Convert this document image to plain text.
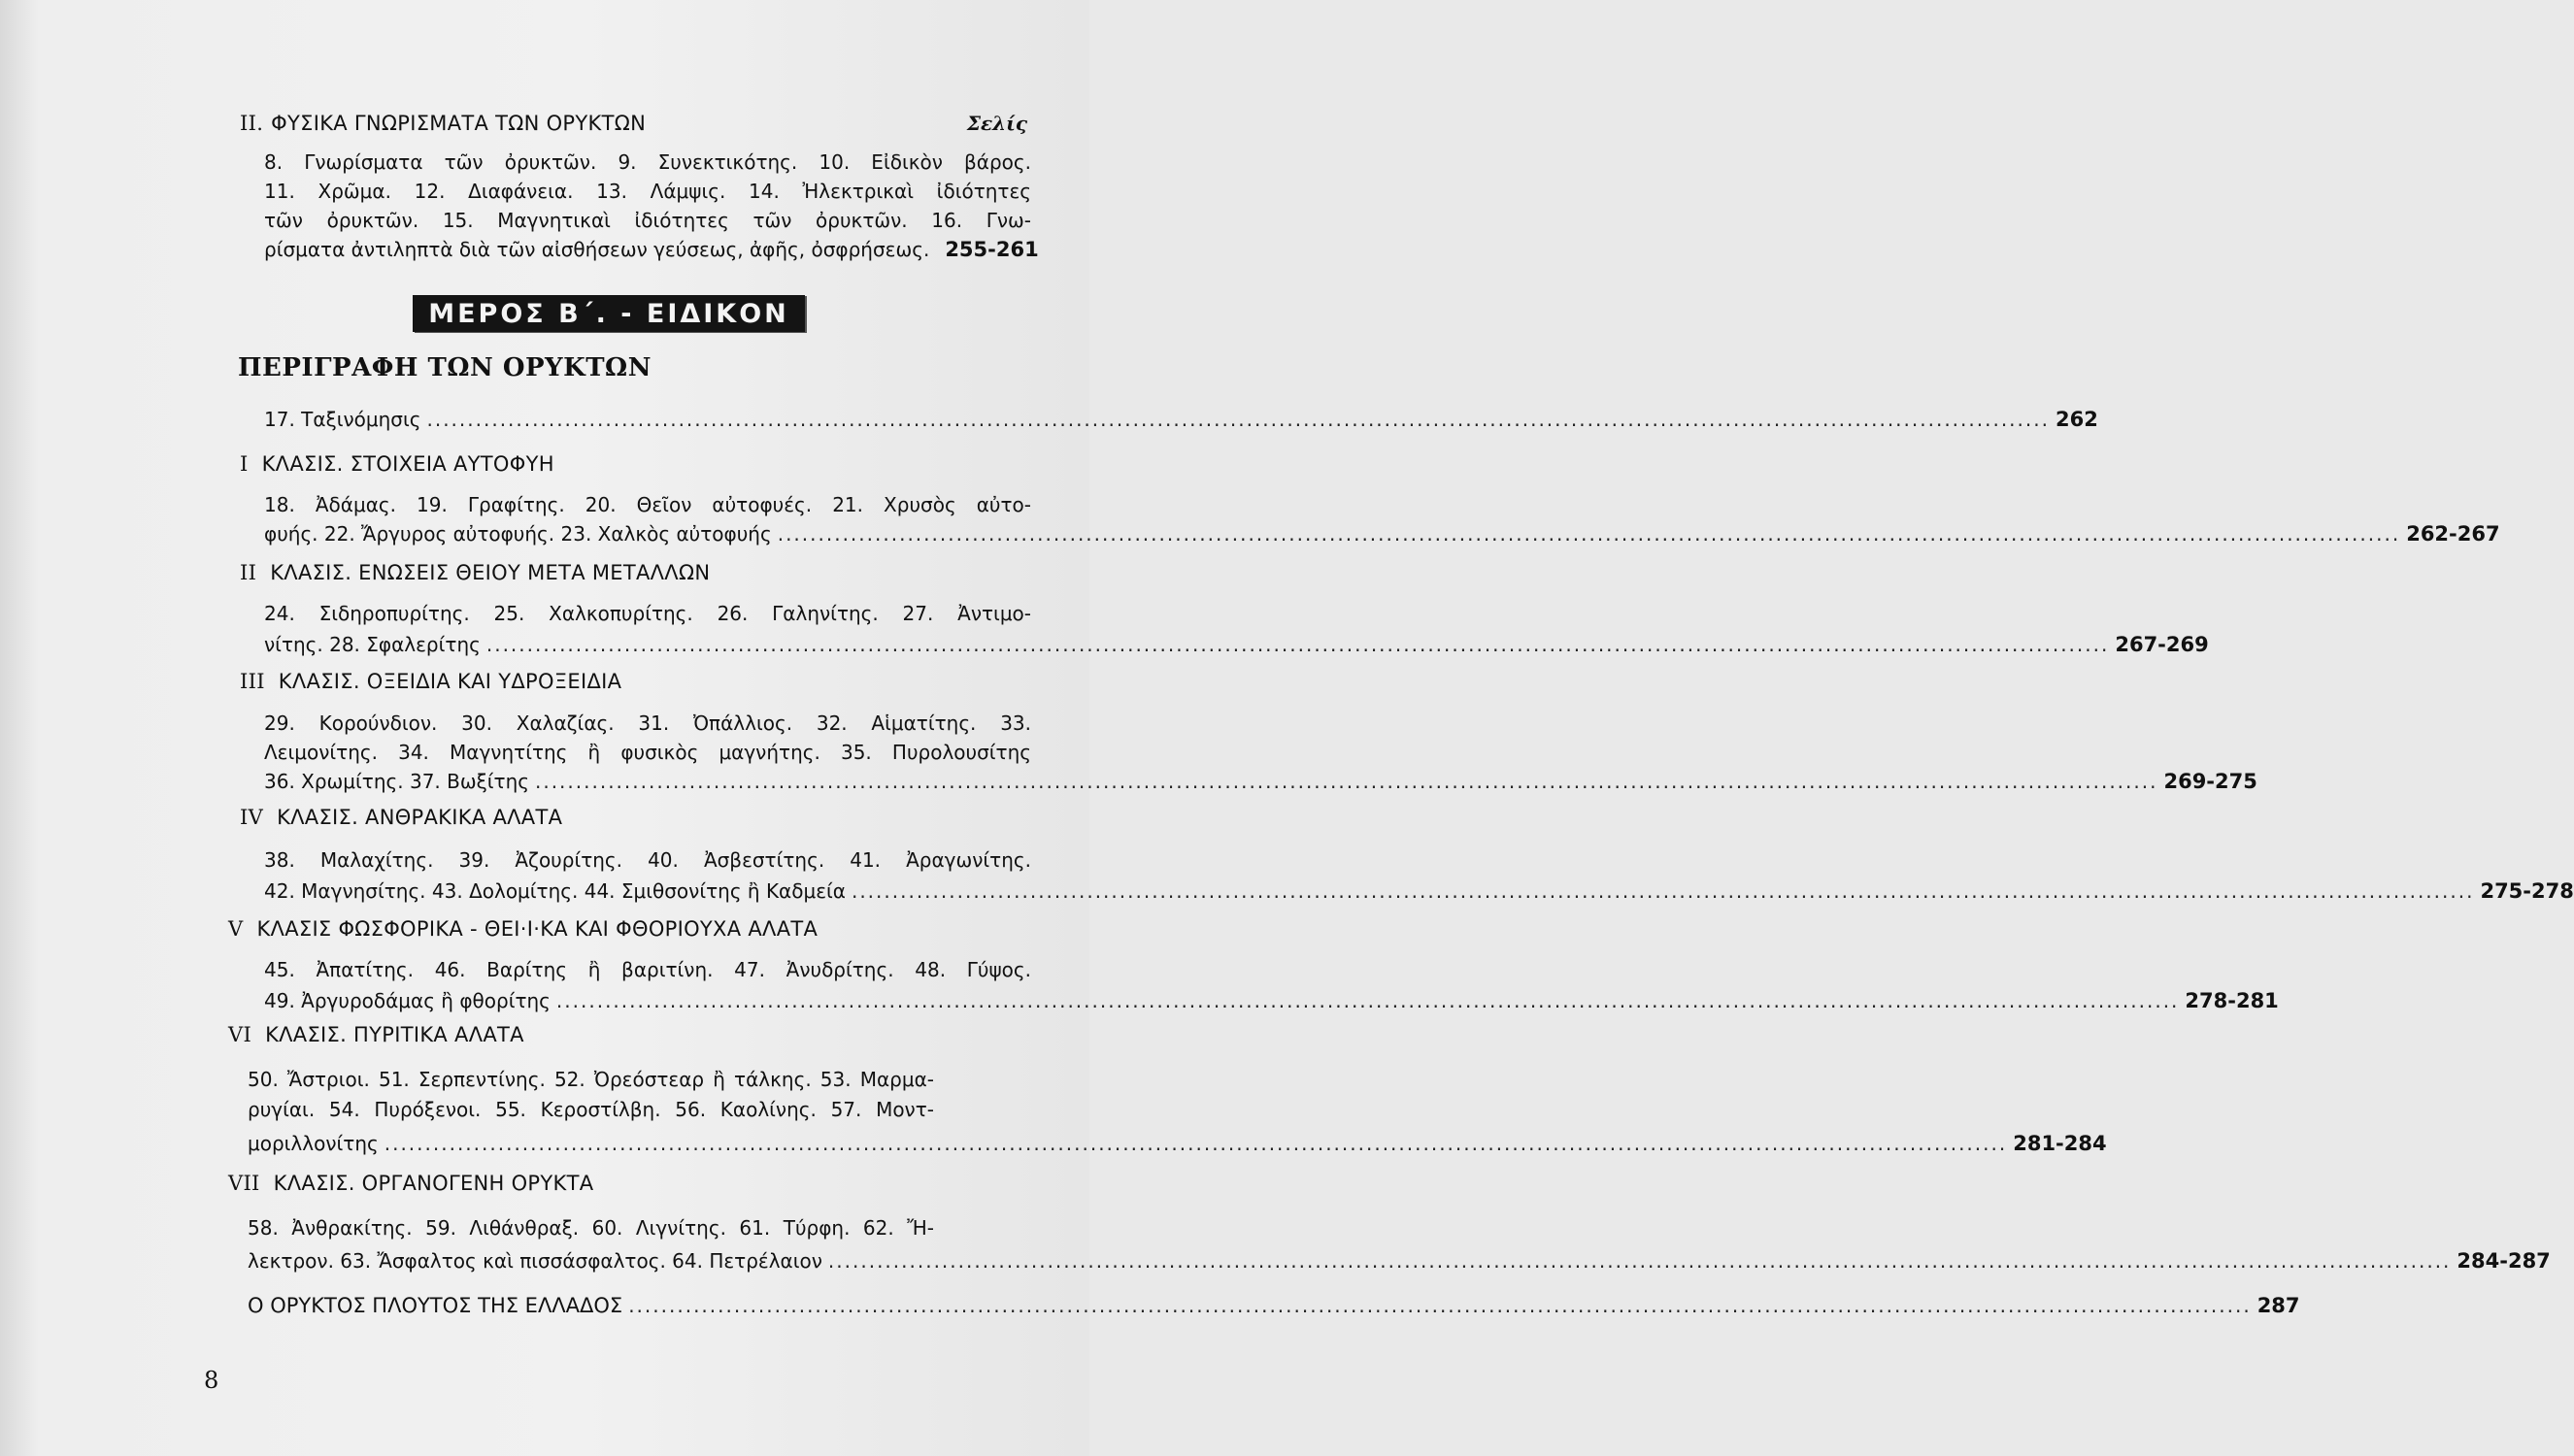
II. ΦΥΣΙΚΑ ΓΝΩΡΙΣΜΑΤΑ ΤΩΝ ΟΡΥΚΤΩΝ	Σελίς
8. Γνωρίσματα τῶν ὀρυκτῶν. 9. Συνεκτικότης. 10. Εἰδικὸν βάρος.
11. Χρῶμα. 12. Διαφάνεια. 13. Λάμψις. 14. Ἠλεκτρικαὶ ἰδιότητες
τῶν ὀρυκτῶν. 15. Μαγνητικαὶ ἰδιότητες τῶν ὀρυκτῶν. 16. Γνω-
ρίσματα ἀντιληπτὰ διὰ τῶν αἰσθήσεων γεύσεως, ἀφῆς, ὀσφρήσεως. 255-261
ΜΕΡΟΣ Β΄. - ΕΙΔΙΚΟΝ
ΠΕΡΙΓΡΑΦΗ ΤΩΝ ΟΡΥΚΤΩΝ
17. Ταξινόμησις ........................................................................................................................................................................................................ 262
I ΚΛΑΣΙΣ. ΣΤΟΙΧΕΙΑ ΑΥΤΟΦΥΗ
18. Ἀδάμας. 19. Γραφίτης. 20. Θεῖον αὐτοφυές. 21. Χρυσὸς αὐτο-
φυής. 22. Ἄργυρος αὐτοφυής. 23. Χαλκὸς αὐτοφυής ........................................................................................................................................................................................................ 262-267
II ΚΛΑΣΙΣ. ΕΝΩΣΕΙΣ ΘΕΙΟΥ ΜΕΤΑ ΜΕΤΑΛΛΩΝ
24. Σιδηροπυρίτης. 25. Χαλκοπυρίτης. 26. Γαληνίτης. 27. Ἀντιμο-
νίτης. 28. Σφαλερίτης ........................................................................................................................................................................................................ 267-269
III ΚΛΑΣΙΣ. ΟΞΕΙΔΙΑ ΚΑΙ ΥΔΡΟΞΕΙΔΙΑ
29. Κορούνδιον. 30. Χαλαζίας. 31. Ὀπάλλιος. 32. Αἱματίτης. 33.
Λειμονίτης. 34. Μαγνητίτης ἢ φυσικὸς μαγνήτης. 35. Πυρολουσίτης
36. Χρωμίτης. 37. Βωξίτης ........................................................................................................................................................................................................ 269-275
IV ΚΛΑΣΙΣ. ΑΝΘΡΑΚΙΚΑ ΑΛΑΤΑ
38. Μαλαχίτης. 39. Ἀζουρίτης. 40. Ἀσβεστίτης. 41. Ἀραγωνίτης.
42. Μαγνησίτης. 43. Δολομίτης. 44. Σμιθσονίτης ἢ Καδμεία ........................................................................................................................................................................................................ 275-278
V ΚΛΑΣΙΣ ΦΩΣΦΟΡΙΚΑ - ΘΕΙ·Ι·ΚΑ ΚΑΙ ΦΘΟΡΙΟΥΧΑ ΑΛΑΤΑ
45. Ἀπατίτης. 46. Βαρίτης ἢ βαριτίνη. 47. Ἀνυδρίτης. 48. Γύψος.
49. Ἀργυροδάμας ἢ φθορίτης ........................................................................................................................................................................................................ 278-281
VI ΚΛΑΣΙΣ. ΠΥΡΙΤΙΚΑ ΑΛΑΤΑ
50. Ἄστριοι. 51. Σερπεντίνης. 52. Ὀρεόστεαρ ἢ τάλκης. 53. Μαρμα-
ρυγίαι. 54. Πυρόξενοι. 55. Κεροστίλβη. 56. Καολίνης. 57. Μοντ-
μοριλλονίτης ........................................................................................................................................................................................................ 281-284
VII ΚΛΑΣΙΣ. ΟΡΓΑΝΟΓΕΝΗ ΟΡΥΚΤΑ
58. Ἀνθρακίτης. 59. Λιθάνθραξ. 60. Λιγνίτης. 61. Τύρφη. 62. Ἤ-
λεκτρον. 63. Ἄσφαλτος καὶ πισσάσφαλτος. 64. Πετρέλαιον ........................................................................................................................................................................................................ 284-287
Ο ΟΡΥΚΤΟΣ ΠΛΟΥΤΟΣ ΤΗΣ ΕΛΛΑΔΟΣ ........................................................................................................................................................................................................ 287
8
